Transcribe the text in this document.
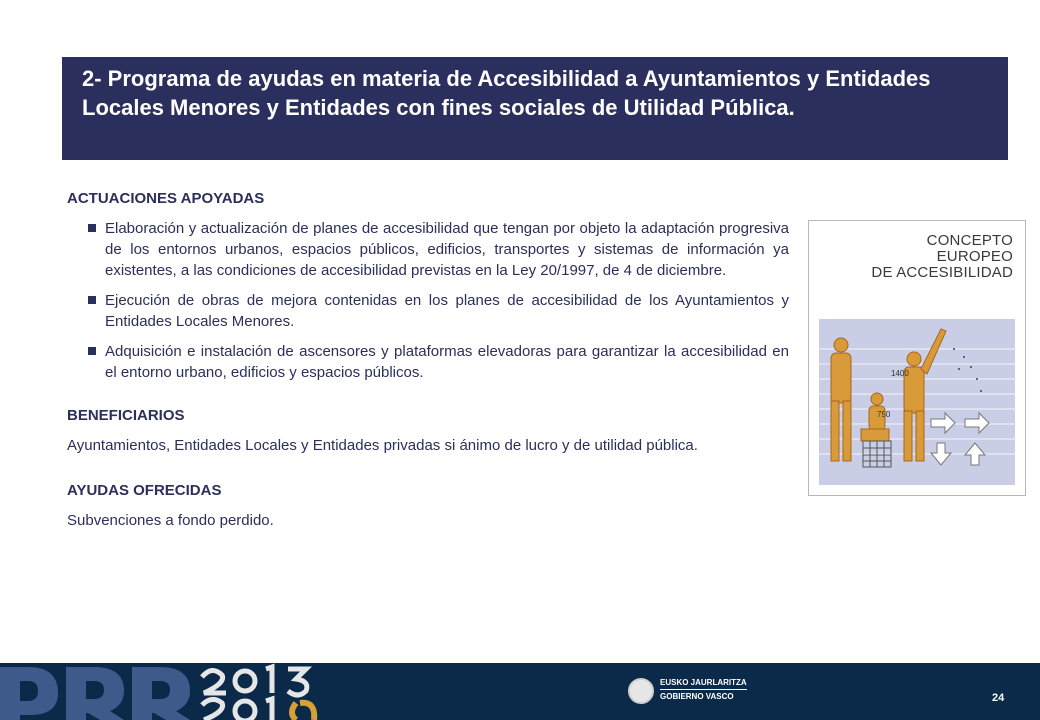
2- Programa de ayudas en materia de Accesibilidad a Ayuntamientos y Entidades Locales Menores y Entidades con fines sociales de Utilidad Pública.

ACTUACIONES APOYADAS

Elaboración y actualización de planes de accesibilidad que tengan por objeto la adaptación progresiva de los entornos urbanos, espacios públicos, edificios, transportes y sistemas de información ya existentes, a las condiciones de accesibilidad previstas en la Ley 20/1997, de 4 de diciembre.
Ejecución de obras de mejora contenidas en los planes de accesibilidad de los Ayuntamientos y Entidades Locales Menores.
Adquisición e instalación de ascensores y plataformas elevadoras para garantizar la accesibilidad en el entorno urbano, edificios y espacios públicos.

BENEFICIARIOS

Ayuntamientos, Entidades Locales y Entidades privadas si ánimo de lucro y de utilidad pública.

AYUDAS OFRECIDAS

Subvenciones a fondo perdido.

CONCEPTO
EUROPEO
DE ACCESIBILIDAD
1400
750
EUSKO JAURLARITZA
GOBIERNO VASCO	24
